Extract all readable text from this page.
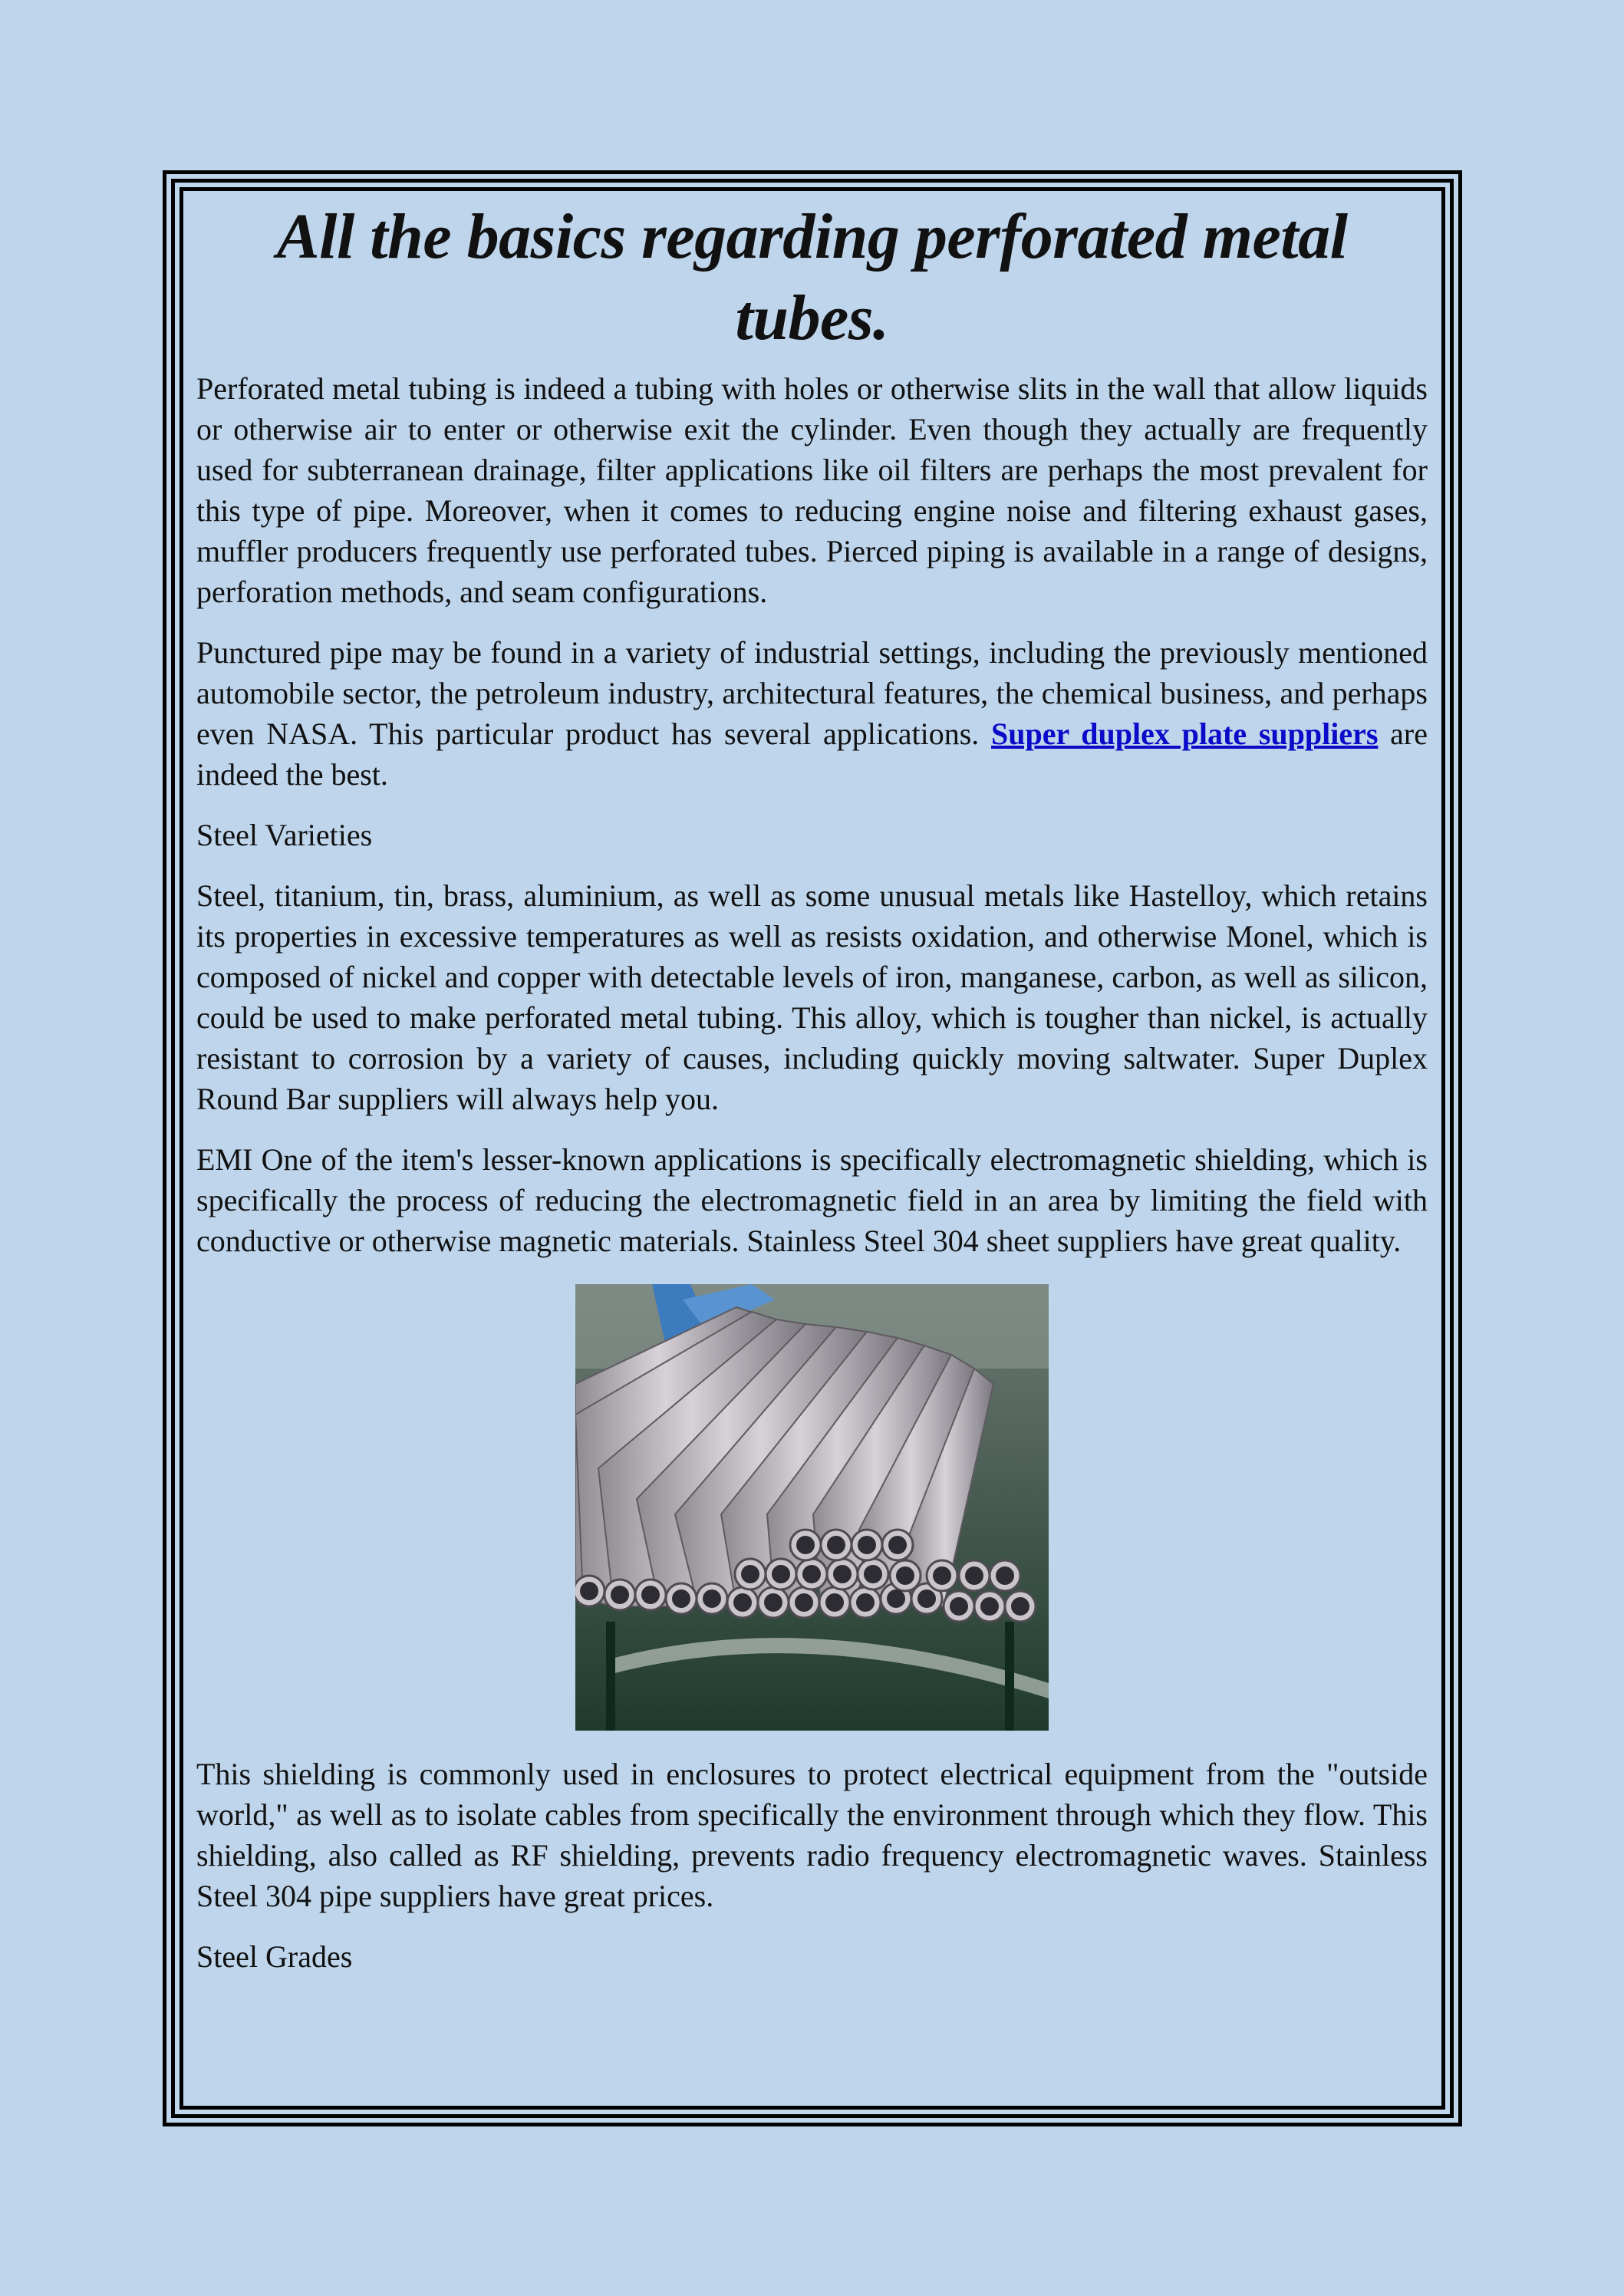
All the basics regarding perforated metal tubes.

Perforated metal tubing is indeed a tubing with holes or otherwise slits in the wall that allow liquids or otherwise air to enter or otherwise exit the cylinder. Even though they actually are frequently used for subterranean drainage, filter applications like oil filters are perhaps the most prevalent for this type of pipe. Moreover, when it comes to reducing engine noise and filtering exhaust gases, muffler producers frequently use perforated tubes. Pierced piping is available in a range of designs, perforation methods, and seam configurations.

Punctured pipe may be found in a variety of industrial settings, including the previously mentioned automobile sector, the petroleum industry, architectural features, the chemical business, and perhaps even NASA. This particular product has several applications. Super duplex plate suppliers are indeed the best.

Steel Varieties

Steel, titanium, tin, brass, aluminium, as well as some unusual metals like Hastelloy, which retains its properties in excessive temperatures as well as resists oxidation, and otherwise Monel, which is composed of nickel and copper with detectable levels of iron, manganese, carbon, as well as silicon, could be used to make perforated metal tubing. This alloy, which is tougher than nickel, is actually resistant to corrosion by a variety of causes, including quickly moving saltwater. Super Duplex Round Bar suppliers will always help you.

EMI One of the item's lesser-known applications is specifically electromagnetic shielding, which is specifically the process of reducing the electromagnetic field in an area by limiting the field with conductive or otherwise magnetic materials. Stainless Steel 304 sheet suppliers have great quality.

This shielding is commonly used in enclosures to protect electrical equipment from the "outside world," as well as to isolate cables from specifically the environment through which they flow. This shielding, also called as RF shielding, prevents radio frequency electromagnetic waves. Stainless Steel 304 pipe suppliers have great prices.

Steel Grades
